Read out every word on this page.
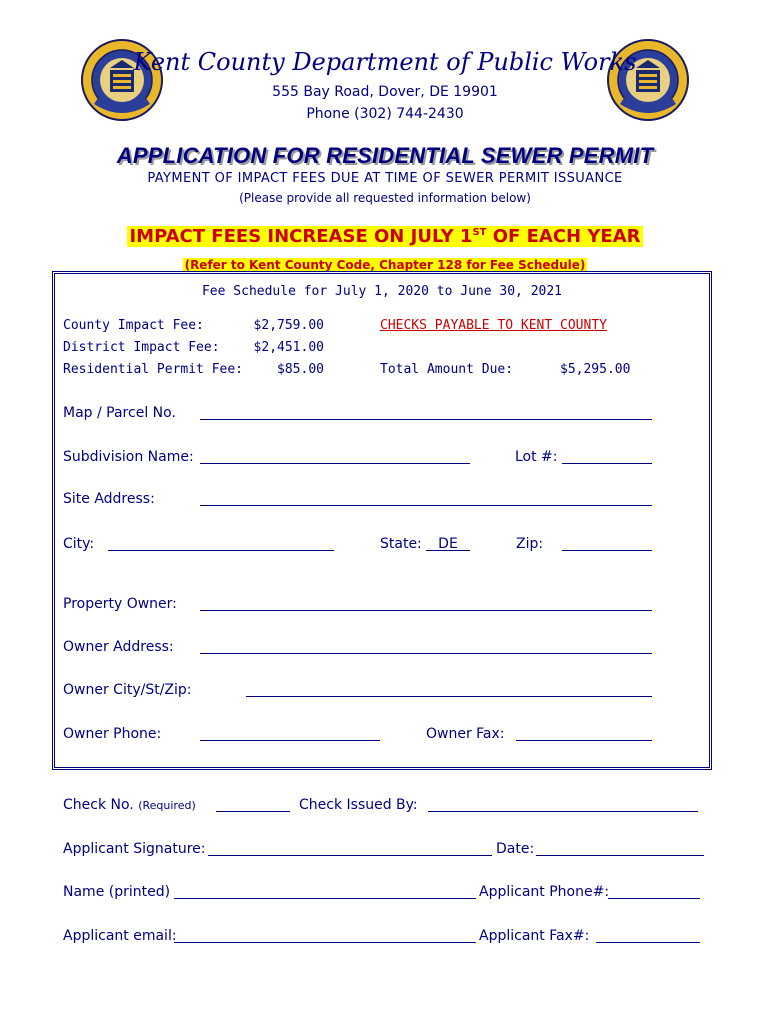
Kent County Department of Public Works
555 Bay Road, Dover, DE 19901
Phone (302) 744-2430
APPLICATION FOR RESIDENTIAL SEWER PERMIT
PAYMENT OF IMPACT FEES DUE AT TIME OF SEWER PERMIT ISSUANCE
(Please provide all requested information below)
IMPACT FEES INCREASE ON JULY 1ST OF EACH YEAR
(Refer to Kent County Code, Chapter 128 for Fee Schedule)
Fee Schedule for July 1, 2020 to June 30, 2021
County Impact Fee:	$2,759.00
District Impact Fee:	$2,451.00
Residential Permit Fee:	$85.00
CHECKS PAYABLE TO KENT COUNTY
Total Amount Due:	$5,295.00
Map / Parcel No.
Subdivision Name:	Lot #:
Site Address:
City:	State:	DE	Zip:
Property Owner:
Owner Address:
Owner City/St/Zip:
Owner Phone:	Owner Fax:
Check No. (Required)	Check Issued By:
Applicant Signature:	Date:
Name (printed)	Applicant Phone#:
Applicant email:	Applicant Fax#:
